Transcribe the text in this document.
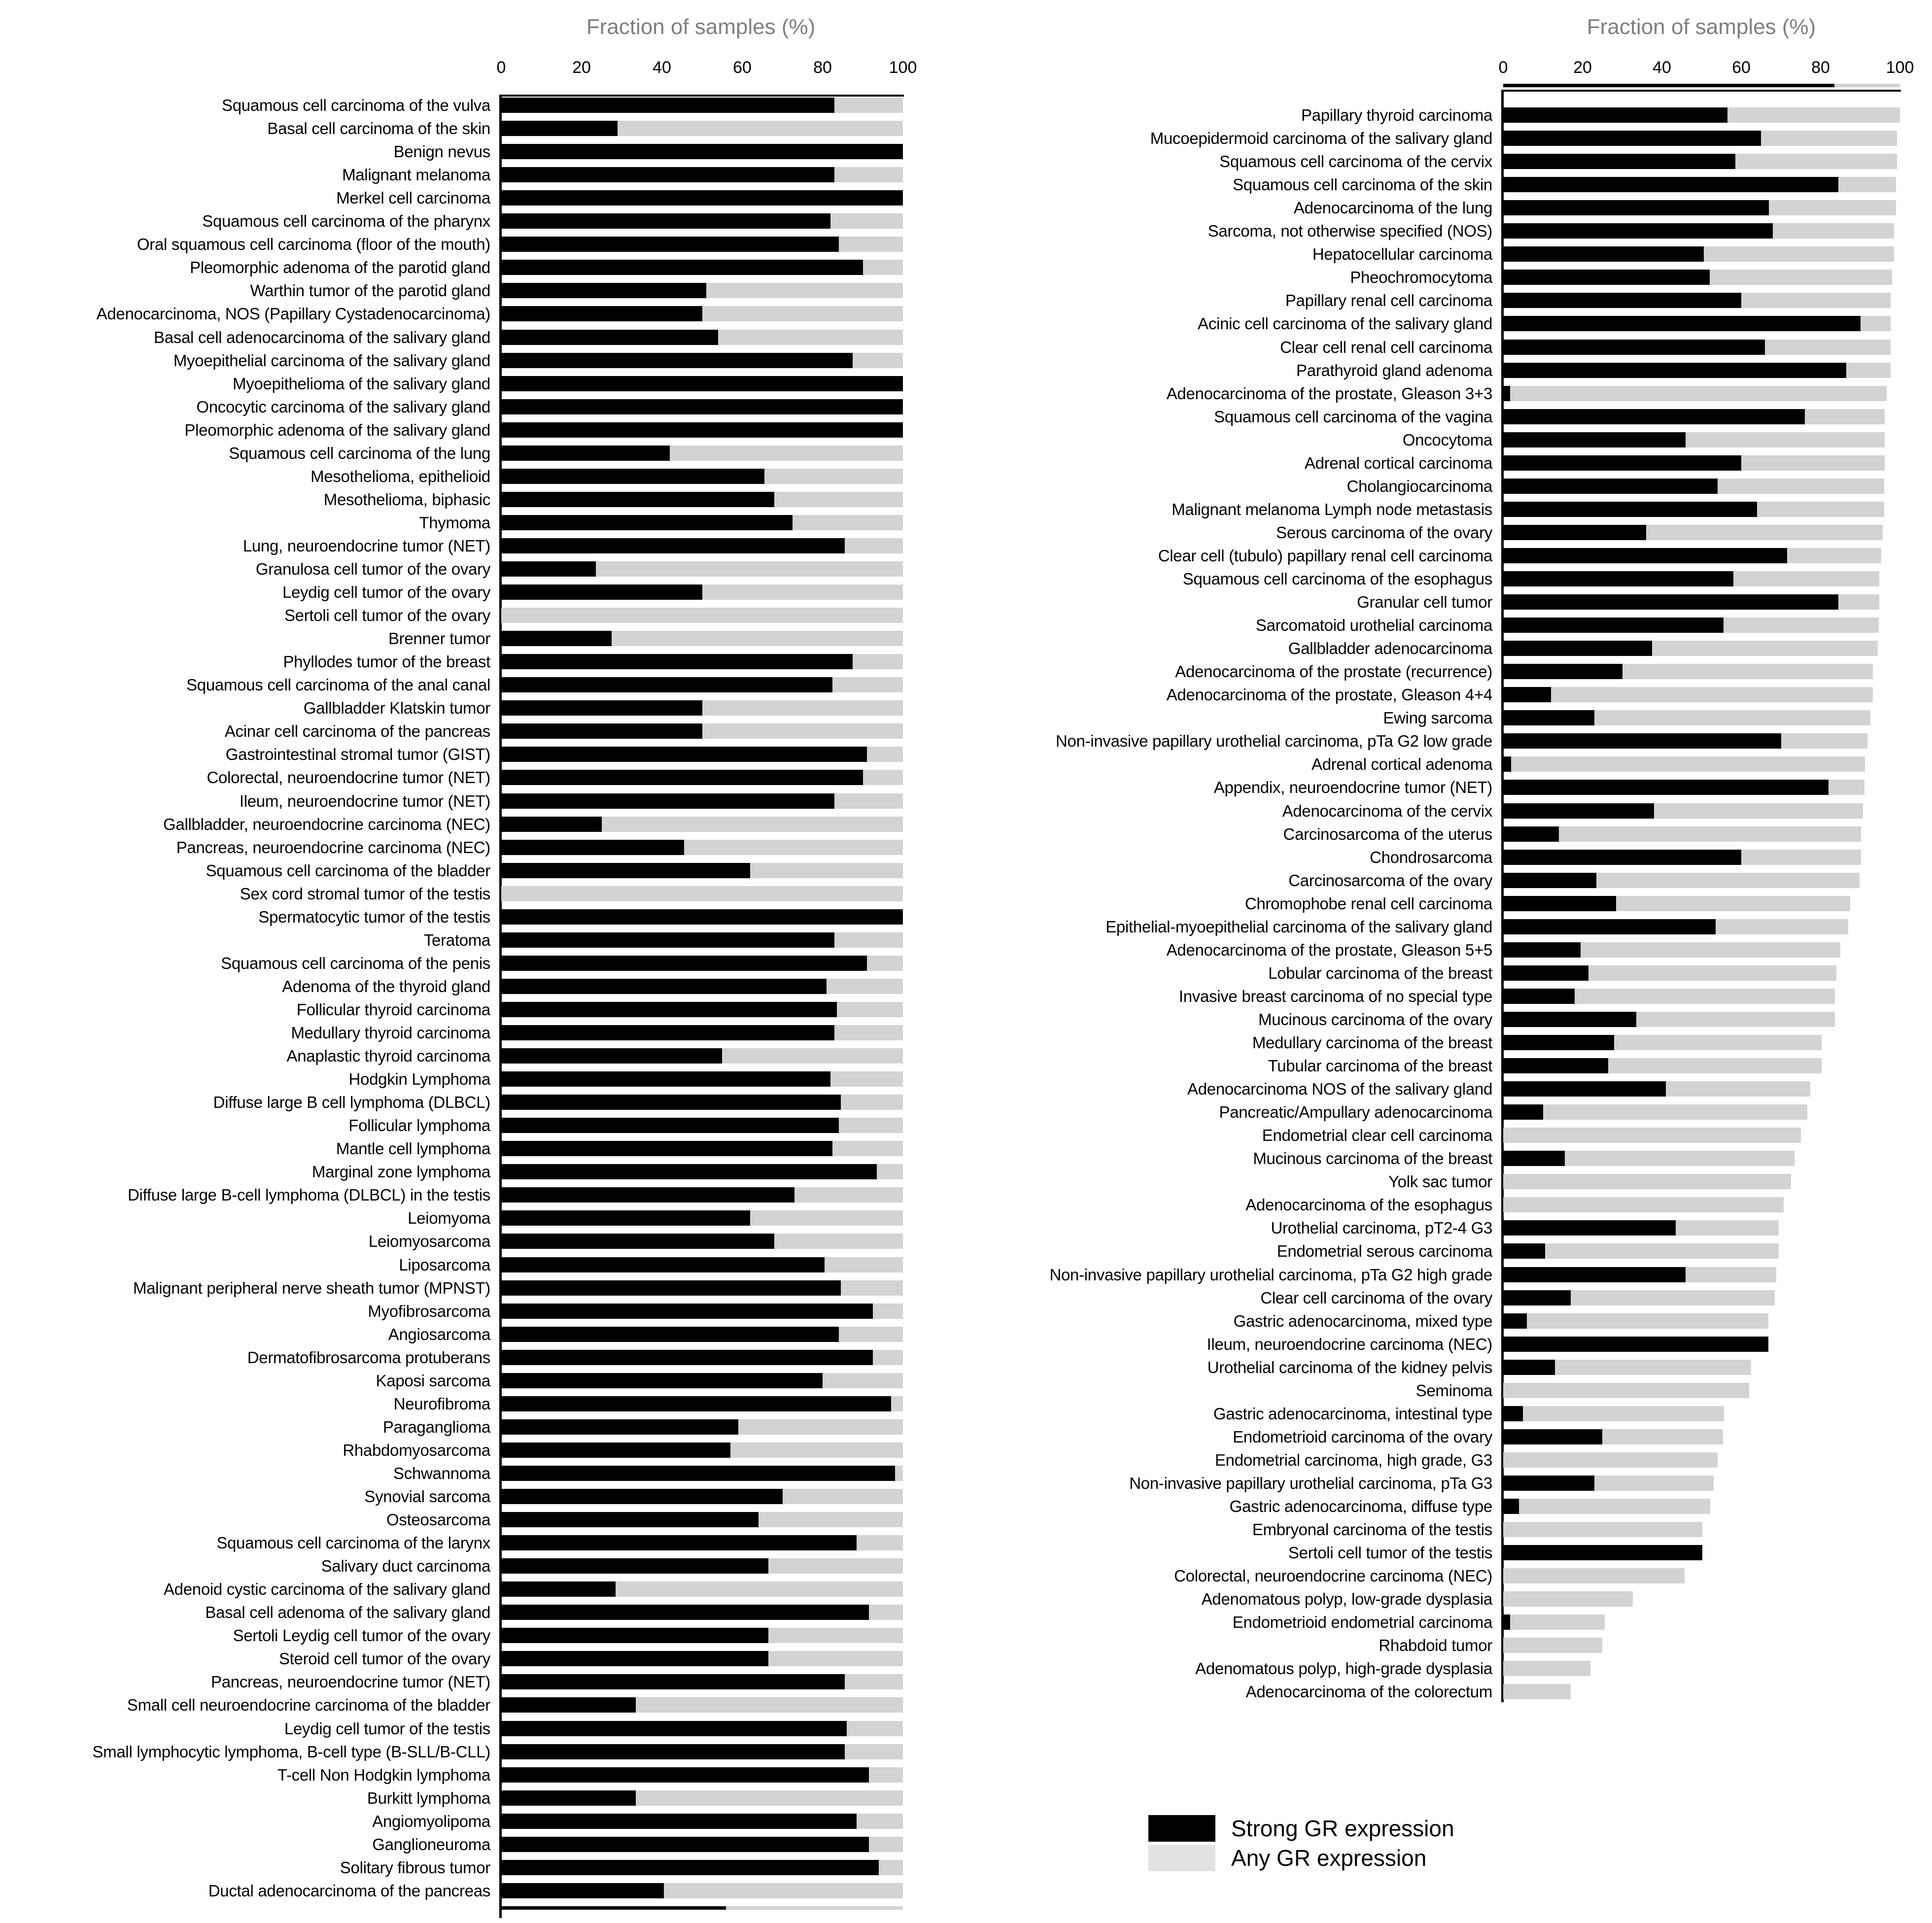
Fraction of samples (%)
0	20	40	60	80	100
Squamous cell carcinoma of the vulva
Basal cell carcinoma of the skin
Benign nevus
Malignant melanoma
Merkel cell carcinoma
Squamous cell carcinoma of the pharynx
Oral squamous cell carcinoma (floor of the mouth)
Pleomorphic adenoma of the parotid gland
Warthin tumor of the parotid gland
Adenocarcinoma, NOS (Papillary Cystadenocarcinoma)
Basal cell adenocarcinoma of the salivary gland
Myoepithelial carcinoma of the salivary gland
Myoepithelioma of the salivary gland
Oncocytic carcinoma of the salivary gland
Pleomorphic adenoma of the salivary gland
Squamous cell carcinoma of the lung
Mesothelioma, epithelioid
Mesothelioma, biphasic
Thymoma
Lung, neuroendocrine tumor (NET)
Granulosa cell tumor of the ovary
Leydig cell tumor of the ovary
Sertoli cell tumor of the ovary
Brenner tumor
Phyllodes tumor of the breast
Squamous cell carcinoma of the anal canal
Gallbladder Klatskin tumor
Acinar cell carcinoma of the pancreas
Gastrointestinal stromal tumor (GIST)
Colorectal, neuroendocrine tumor (NET)
Ileum, neuroendocrine tumor (NET)
Gallbladder, neuroendocrine carcinoma (NEC)
Pancreas, neuroendocrine carcinoma (NEC)
Squamous cell carcinoma of the bladder
Sex cord stromal tumor of the testis
Spermatocytic tumor of the testis
Teratoma
Squamous cell carcinoma of the penis
Adenoma of the thyroid gland
Follicular thyroid carcinoma
Medullary thyroid carcinoma
Anaplastic thyroid carcinoma
Hodgkin Lymphoma
Diffuse large B cell lymphoma (DLBCL)
Follicular lymphoma
Mantle cell lymphoma
Marginal zone lymphoma
Diffuse large B-cell lymphoma (DLBCL) in the testis
Leiomyoma
Leiomyosarcoma
Liposarcoma
Malignant peripheral nerve sheath tumor (MPNST)
Myofibrosarcoma
Angiosarcoma
Dermatofibrosarcoma protuberans
Kaposi sarcoma
Neurofibroma
Paraganglioma
Rhabdomyosarcoma
Schwannoma
Synovial sarcoma
Osteosarcoma
Squamous cell carcinoma of the larynx
Salivary duct carcinoma
Adenoid cystic carcinoma of the salivary gland
Basal cell adenoma of the salivary gland
Sertoli Leydig cell tumor of the ovary
Steroid cell tumor of the ovary
Pancreas, neuroendocrine tumor (NET)
Small cell neuroendocrine carcinoma of the bladder
Leydig cell tumor of the testis
Small lymphocytic lymphoma, B-cell type (B-SLL/B-CLL)
T-cell Non Hodgkin lymphoma
Burkitt lymphoma
Angiomyolipoma
Ganglioneuroma
Solitary fibrous tumor
Ductal adenocarcinoma of the pancreas
Fraction of samples (%)
0	20	40	60	80	100
Papillary thyroid carcinoma
Mucoepidermoid carcinoma of the salivary gland
Squamous cell carcinoma of the cervix
Squamous cell carcinoma of the skin
Adenocarcinoma of the lung
Sarcoma, not otherwise specified (NOS)
Hepatocellular carcinoma
Pheochromocytoma
Papillary renal cell carcinoma
Acinic cell carcinoma of the salivary gland
Clear cell renal cell carcinoma
Parathyroid gland adenoma
Adenocarcinoma of the prostate, Gleason 3+3
Squamous cell carcinoma of the vagina
Oncocytoma
Adrenal cortical carcinoma
Cholangiocarcinoma
Malignant melanoma Lymph node metastasis
Serous carcinoma of the ovary
Clear cell (tubulo) papillary renal cell carcinoma
Squamous cell carcinoma of the esophagus
Granular cell tumor
Sarcomatoid urothelial carcinoma
Gallbladder adenocarcinoma
Adenocarcinoma of the prostate (recurrence)
Adenocarcinoma of the prostate, Gleason 4+4
Ewing sarcoma
Non-invasive papillary urothelial carcinoma, pTa G2 low grade
Adrenal cortical adenoma
Appendix, neuroendocrine tumor (NET)
Adenocarcinoma of the cervix
Carcinosarcoma of the uterus
Chondrosarcoma
Carcinosarcoma of the ovary
Chromophobe renal cell carcinoma
Epithelial-myoepithelial carcinoma of the salivary gland
Adenocarcinoma of the prostate, Gleason 5+5
Lobular carcinoma of the breast
Invasive breast carcinoma of no special type
Mucinous carcinoma of the ovary
Medullary carcinoma of the breast
Tubular carcinoma of the breast
Adenocarcinoma NOS of the salivary gland
Pancreatic/Ampullary adenocarcinoma
Endometrial clear cell carcinoma
Mucinous carcinoma of the breast
Yolk sac tumor
Adenocarcinoma of the esophagus
Urothelial carcinoma, pT2-4 G3
Endometrial serous carcinoma
Non-invasive papillary urothelial carcinoma, pTa G2 high grade
Clear cell carcinoma of the ovary
Gastric adenocarcinoma, mixed type
Ileum, neuroendocrine carcinoma (NEC)
Urothelial carcinoma of the kidney pelvis
Seminoma
Gastric adenocarcinoma, intestinal type
Endometrioid carcinoma of the ovary
Endometrial carcinoma, high grade, G3
Non-invasive papillary urothelial carcinoma, pTa G3
Gastric adenocarcinoma, diffuse type
Embryonal carcinoma of the testis
Sertoli cell tumor of the testis
Colorectal, neuroendocrine carcinoma (NEC)
Adenomatous polyp, low-grade dysplasia
Endometrioid endometrial carcinoma
Rhabdoid tumor
Adenomatous polyp, high-grade dysplasia
Adenocarcinoma of the colorectum
Strong GR expression
Any GR expression
